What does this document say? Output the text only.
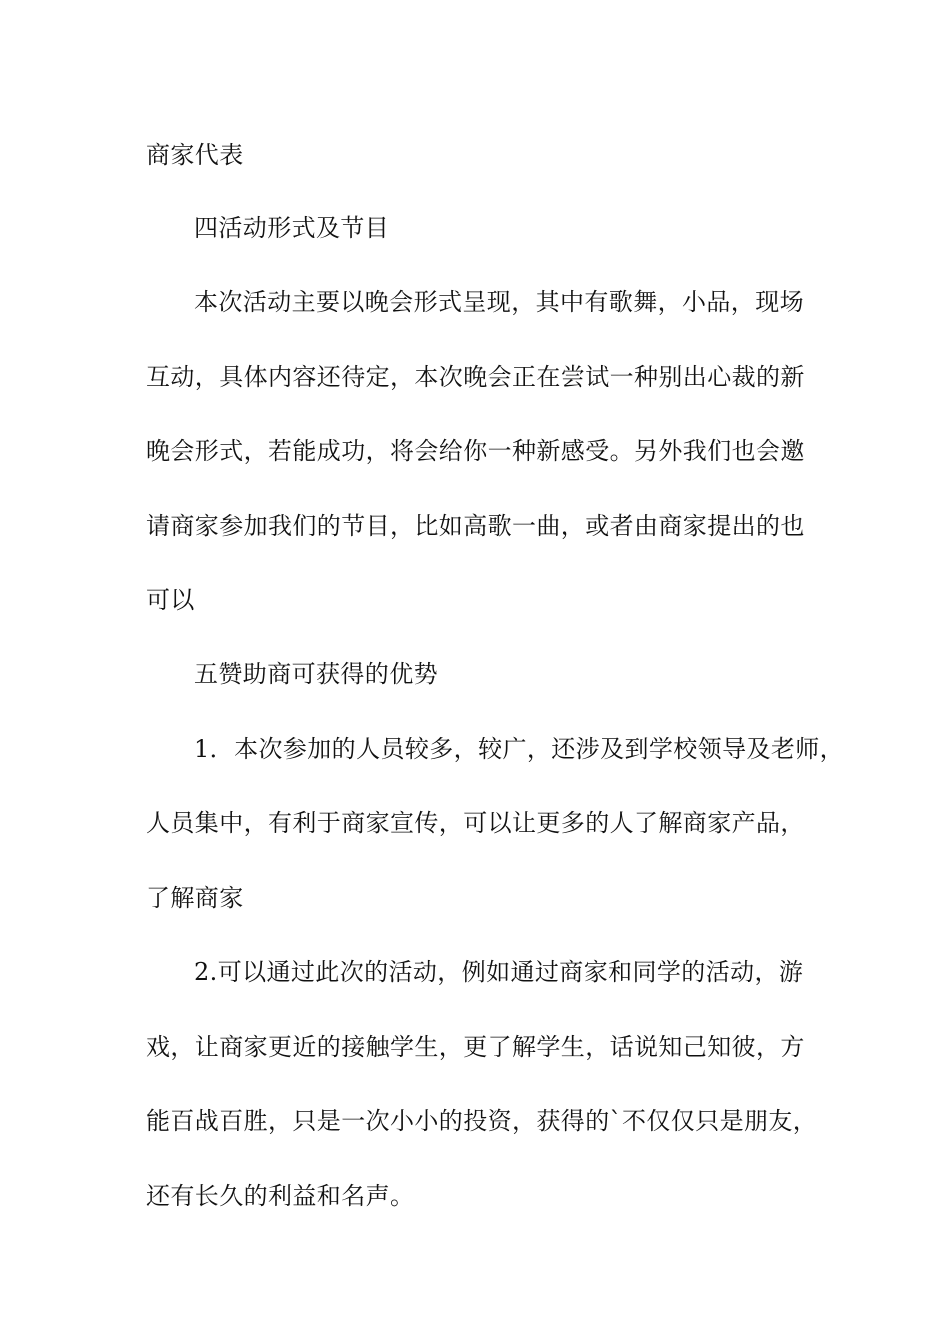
商家代表
四活动形式及节目
本次活动主要以晚会形式呈现，其中有歌舞，小品，现场
互动，具体内容还待定，本次晚会正在尝试一种别出心裁的新
晚会形式，若能成功，将会给你一种新感受。另外我们也会邀
请商家参加我们的节目，比如高歌一曲，或者由商家提出的也
可以
五赞助商可获得的优势
1．本次参加的人员较多，较广，还涉及到学校领导及老师，
人员集中，有利于商家宣传，可以让更多的人了解商家产品，
了解商家
2.可以通过此次的活动，例如通过商家和同学的活动，游
戏，让商家更近的接触学生，更了解学生，话说知己知彼，方
能百战百胜，只是一次小小的投资，获得的`不仅仅只是朋友，
还有长久的利益和名声。
